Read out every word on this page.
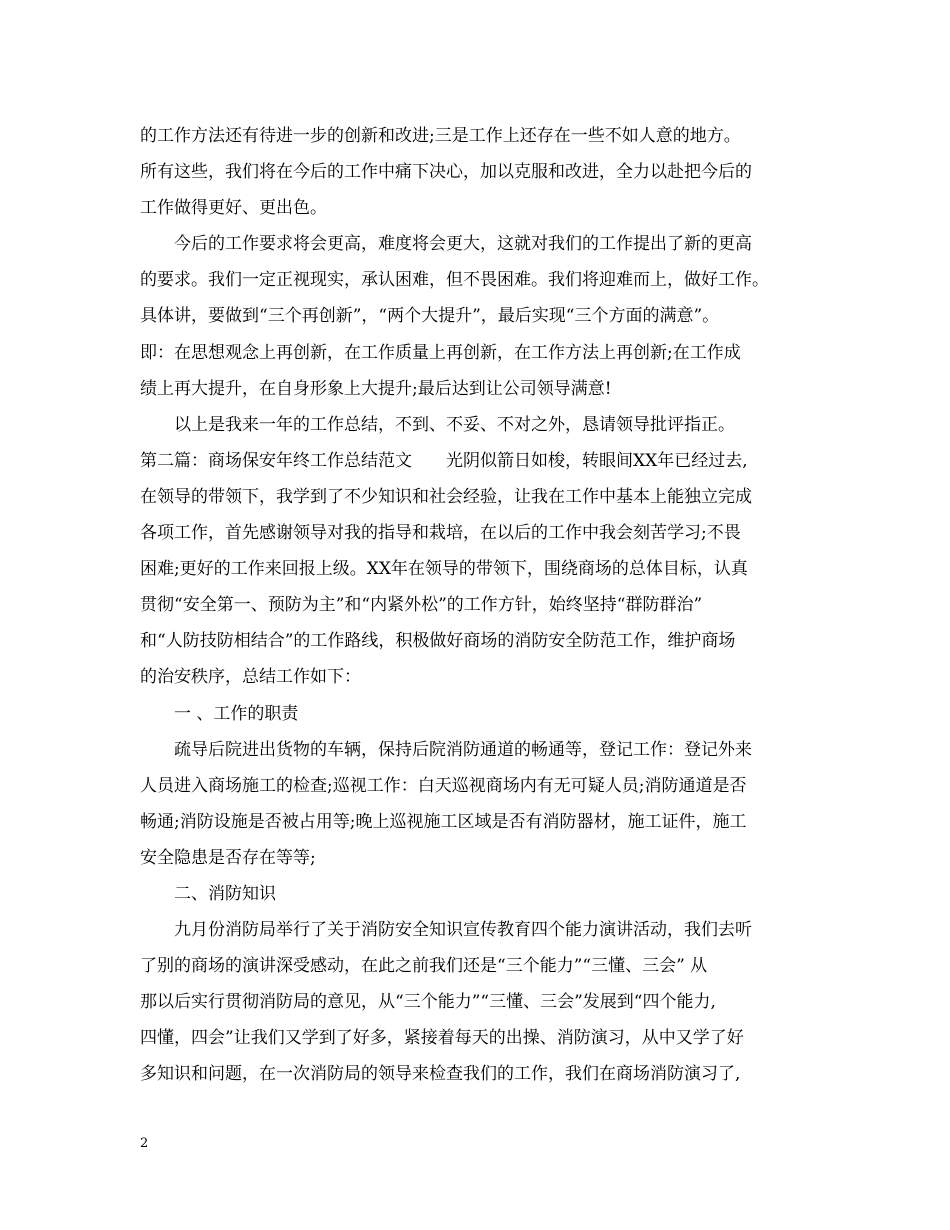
的工作方法还有待进一步的创新和改进;三是工作上还存在一些不如人意的地方。
所有这些，我们将在今后的工作中痛下决心，加以克服和改进，全力以赴把今后的
工作做得更好、更出色。
今后的工作要求将会更高，难度将会更大，这就对我们的工作提出了新的更高
的要求。我们一定正视现实，承认困难，但不畏困难。我们将迎难而上，做好工作。
具体讲，要做到“三个再创新”，“两个大提升”，最后实现“三个方面的满意”。
即：在思想观念上再创新，在工作质量上再创新，在工作方法上再创新;在工作成
绩上再大提升，在自身形象上大提升;最后达到让公司领导满意!
以上是我来一年的工作总结，不到、不妥、不对之外，恳请领导批评指正。
第二篇：商场保安年终工作总结范文　　光阴似箭日如梭，转眼间XX年已经过去,
在领导的带领下，我学到了不少知识和社会经验，让我在工作中基本上能独立完成
各项工作，首先感谢领导对我的指导和栽培，在以后的工作中我会刻苦学习;不畏
困难;更好的工作来回报上级。XX年在领导的带领下，围绕商场的总体目标，认真
贯彻“安全第一、预防为主”和“内紧外松”的工作方针，始终坚持“群防群治”
和“人防技防相结合”的工作路线，积极做好商场的消防安全防范工作，维护商场
的治安秩序，总结工作如下：
一 、工作的职责
疏导后院进出货物的车辆，保持后院消防通道的畅通等，登记工作：登记外来
人员进入商场施工的检查;巡视工作：白天巡视商场内有无可疑人员;消防通道是否
畅通;消防设施是否被占用等;晚上巡视施工区域是否有消防器材，施工证件，施工
安全隐患是否存在等等;
二、消防知识
九月份消防局举行了关于消防安全知识宣传教育四个能力演讲活动，我们去听
了别的商场的演讲深受感动，在此之前我们还是“三个能力”“三懂、三会” 从
那以后实行贯彻消防局的意见，从“三个能力”“三懂、三会”发展到“四个能力,
四懂，四会”让我们又学到了好多，紧接着每天的出操、消防演习，从中又学了好
多知识和问题，在一次消防局的领导来检查我们的工作，我们在商场消防演习了,
2
